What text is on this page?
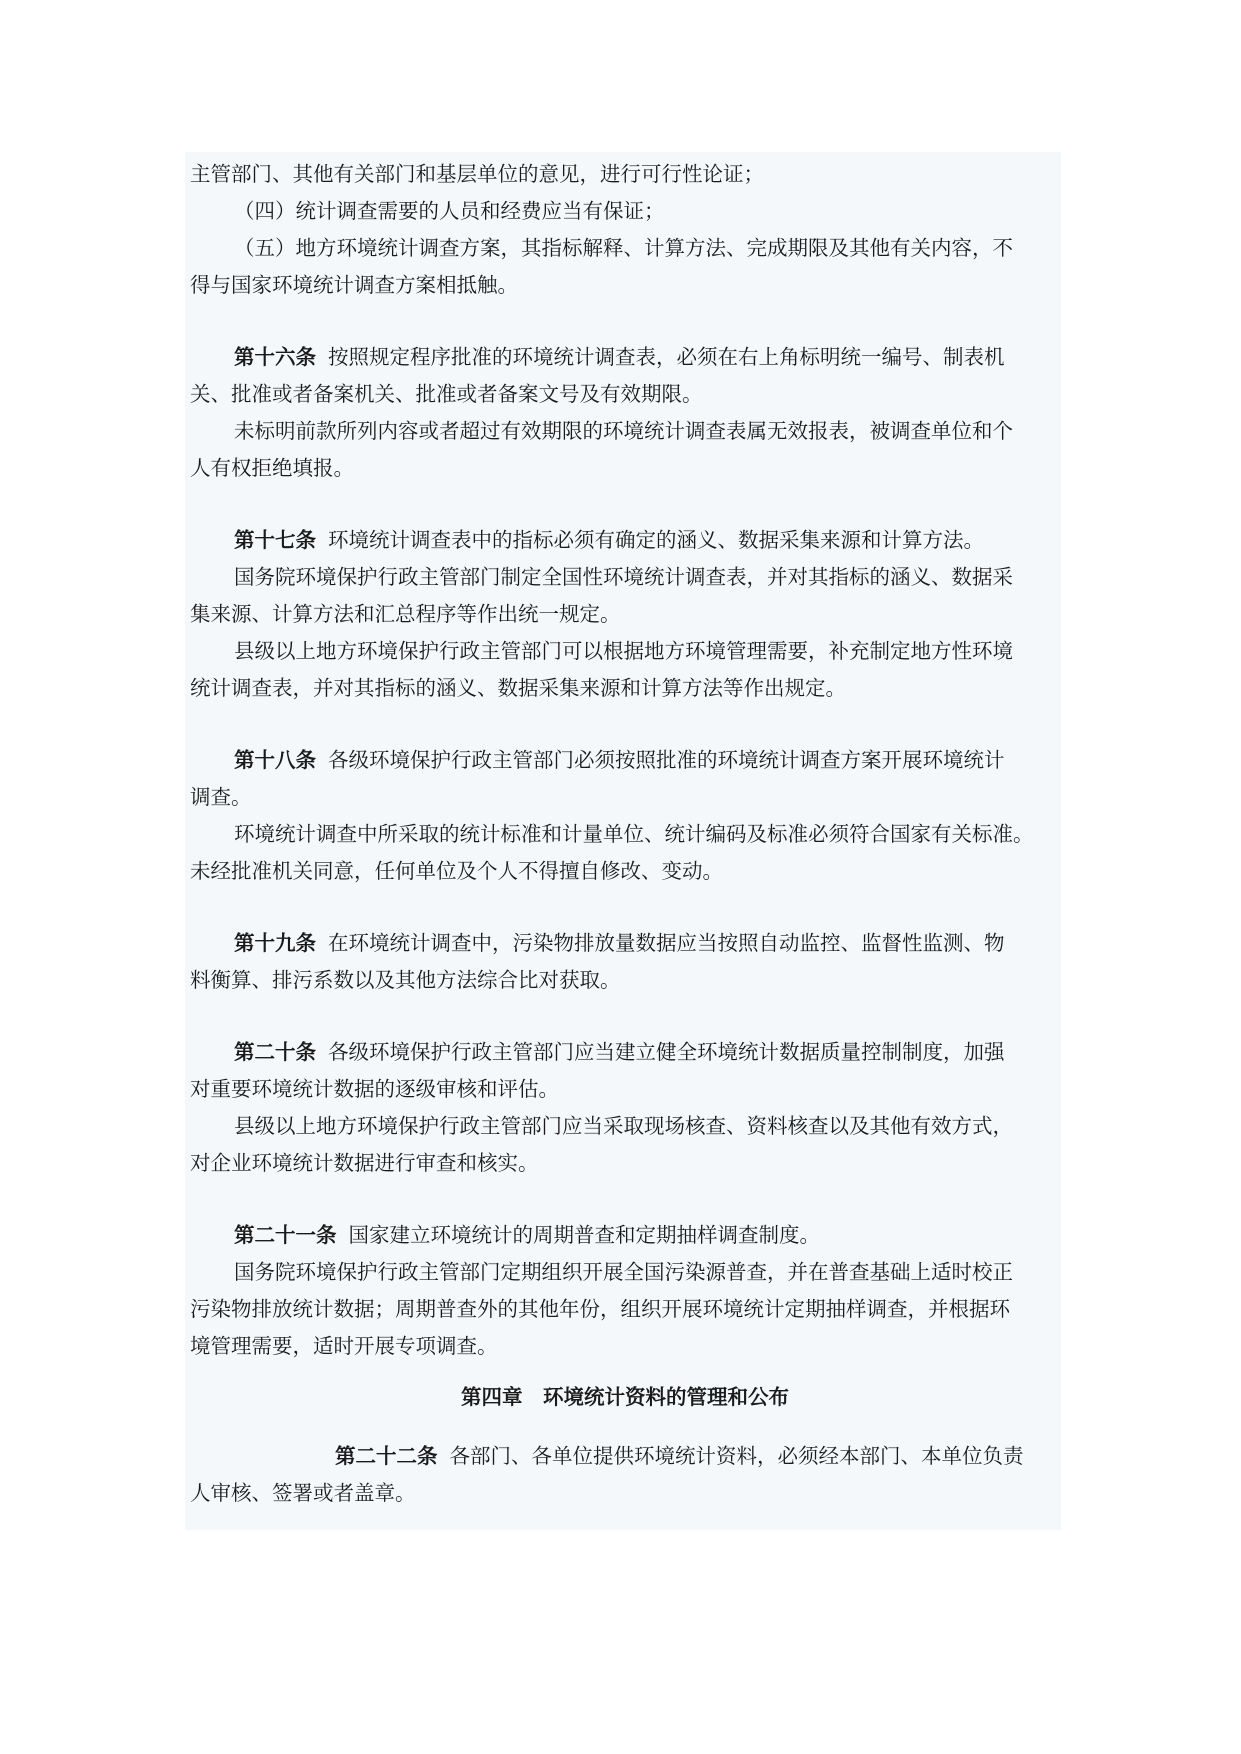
主管部门、其他有关部门和基层单位的意见，进行可行性论证；
（四）统计调查需要的人员和经费应当有保证；
（五）地方环境统计调查方案，其指标解释、计算方法、完成期限及其他有关内容，不
得与国家环境统计调查方案相抵触。
第十六条 按照规定程序批准的环境统计调查表，必须在右上角标明统一编号、制表机
关、批准或者备案机关、批准或者备案文号及有效期限。
未标明前款所列内容或者超过有效期限的环境统计调查表属无效报表，被调查单位和个
人有权拒绝填报。
第十七条 环境统计调查表中的指标必须有确定的涵义、数据采集来源和计算方法。
国务院环境保护行政主管部门制定全国性环境统计调查表，并对其指标的涵义、数据采
集来源、计算方法和汇总程序等作出统一规定。
县级以上地方环境保护行政主管部门可以根据地方环境管理需要，补充制定地方性环境
统计调查表，并对其指标的涵义、数据采集来源和计算方法等作出规定。
第十八条 各级环境保护行政主管部门必须按照批准的环境统计调查方案开展环境统计
调查。
环境统计调查中所采取的统计标准和计量单位、统计编码及标准必须符合国家有关标准。
未经批准机关同意，任何单位及个人不得擅自修改、变动。
第十九条 在环境统计调查中，污染物排放量数据应当按照自动监控、监督性监测、物
料衡算、排污系数以及其他方法综合比对获取。
第二十条 各级环境保护行政主管部门应当建立健全环境统计数据质量控制制度，加强
对重要环境统计数据的逐级审核和评估。
县级以上地方环境保护行政主管部门应当采取现场核查、资料核查以及其他有效方式，
对企业环境统计数据进行审查和核实。
第二十一条 国家建立环境统计的周期普查和定期抽样调查制度。
国务院环境保护行政主管部门定期组织开展全国污染源普查，并在普查基础上适时校正
污染物排放统计数据；周期普查外的其他年份，组织开展环境统计定期抽样调查，并根据环
境管理需要，适时开展专项调查。
第四章　环境统计资料的管理和公布
第二十二条 各部门、各单位提供环境统计资料，必须经本部门、本单位负责
人审核、签署或者盖章。
